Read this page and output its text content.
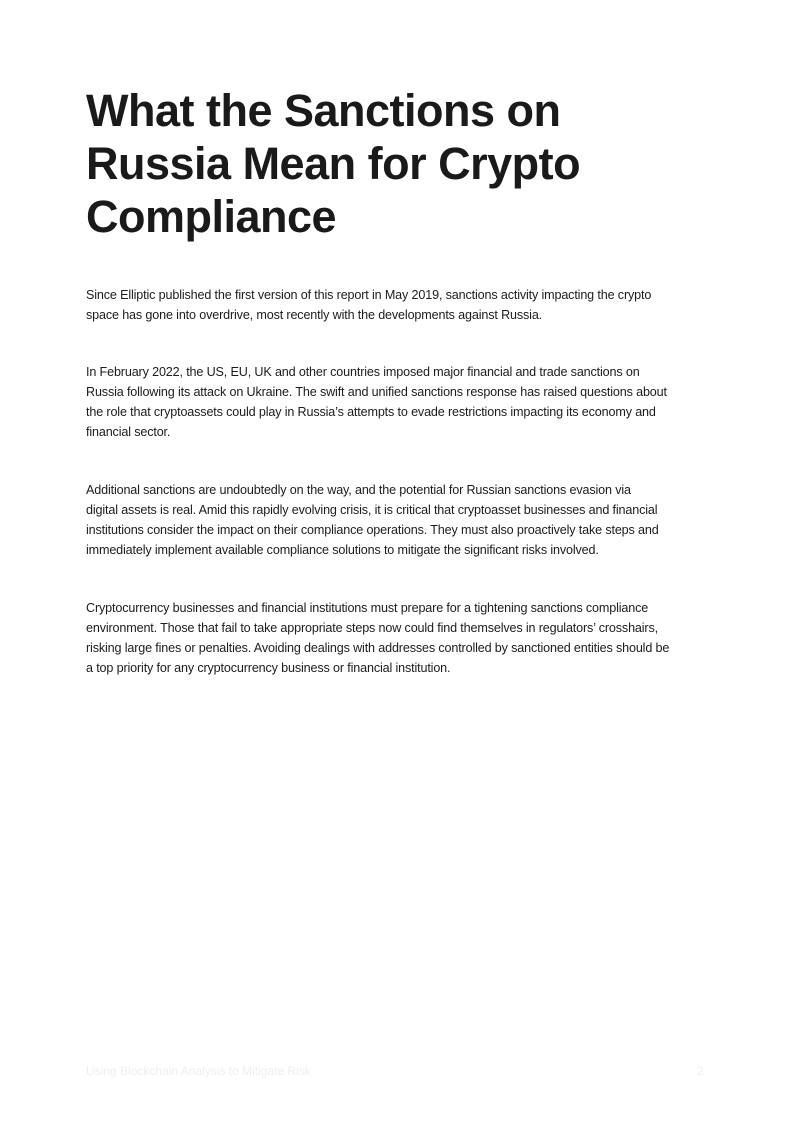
What the Sanctions on
Russia Mean for Crypto
Compliance
Since Elliptic published the first version of this report in May 2019, sanctions activity impacting the crypto
space has gone into overdrive, most recently with the developments against Russia.
In February 2022, the US, EU, UK and other countries imposed major financial and trade sanctions on
Russia following its attack on Ukraine. The swift and unified sanctions response has raised questions about
the role that cryptoassets could play in Russia’s attempts to evade restrictions impacting its economy and
financial sector.
Additional sanctions are undoubtedly on the way, and the potential for Russian sanctions evasion via
digital assets is real. Amid this rapidly evolving crisis, it is critical that cryptoasset businesses and financial
institutions consider the impact on their compliance operations. They must also proactively take steps and
immediately implement available compliance solutions to mitigate the significant risks involved.
Cryptocurrency businesses and financial institutions must prepare for a tightening sanctions compliance
environment. Those that fail to take appropriate steps now could find themselves in regulators’ crosshairs,
risking large fines or penalties. Avoiding dealings with addresses controlled by sanctioned entities should be
a top priority for any cryptocurrency business or financial institution.
Using Blockchain Analysis to Mitigate Risk	2
